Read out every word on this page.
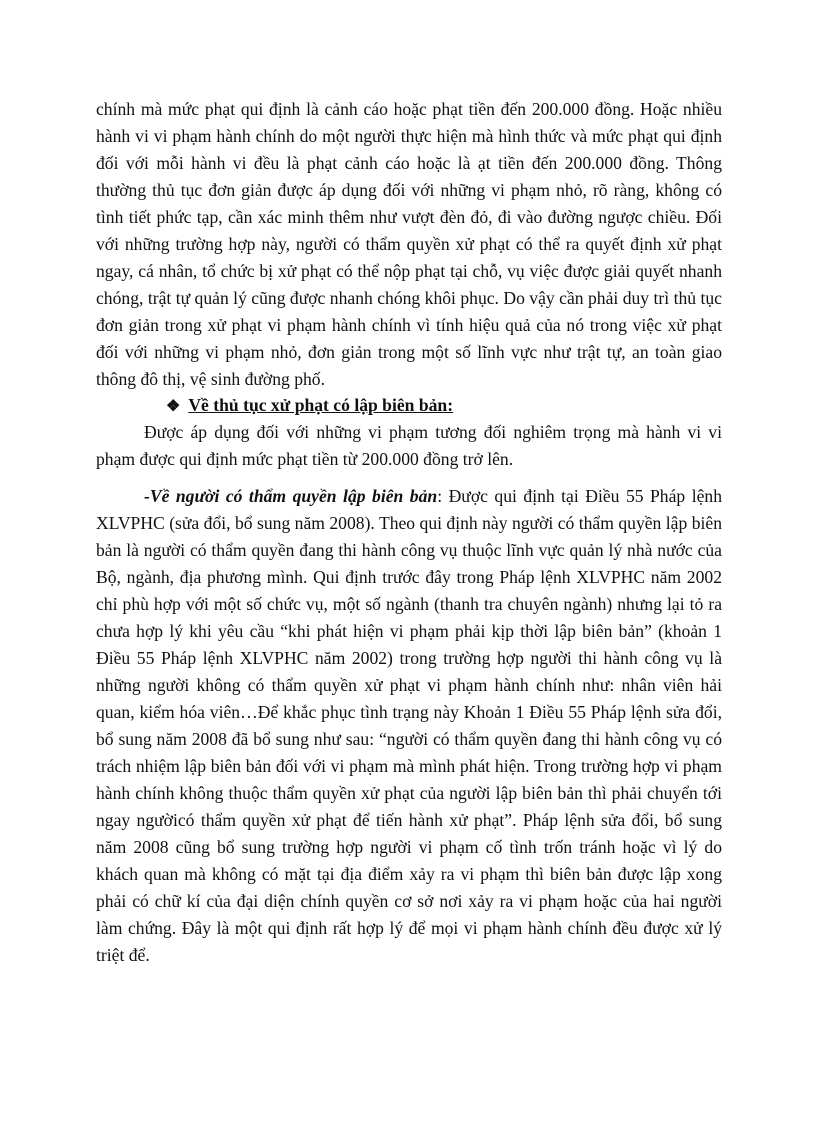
chính mà mức phạt qui định là cảnh cáo hoặc phạt tiền đến 200.000 đồng. Hoặc nhiều hành vi vi phạm hành chính do một người thực hiện mà hình thức và mức phạt qui định đối với mỗi hành vi đều là phạt cảnh cáo hoặc là ạt tiền đến 200.000 đồng. Thông thường thủ tục đơn giản được áp dụng đối với những vi phạm nhỏ, rõ ràng, không có tình tiết phức tạp, cần xác minh thêm như vượt đèn đỏ, đi vào đường ngược chiều. Đối với những trường hợp này, người có thẩm quyền xử phạt có thể ra quyết định xử phạt ngay, cá nhân, tổ chức bị xử phạt có thể nộp phạt tại chỗ, vụ việc được giải quyết nhanh chóng, trật tự quản lý cũng được nhanh chóng khôi phục. Do vậy cần phải duy trì thủ tục đơn giản trong xử phạt vi phạm hành chính vì tính hiệu quả của nó trong việc xử phạt đối với những vi phạm nhỏ, đơn giản trong một số lĩnh vực như trật tự, an toàn giao thông đô thị, vệ sinh đường phố.

❖ Về thủ tục xử phạt có lập biên bản:

Được áp dụng đối với những vi phạm tương đối nghiêm trọng mà hành vi vi phạm được qui định mức phạt tiền từ 200.000 đồng trở lên.

-Về người có thẩm quyền lập biên bản: Được qui định tại Điều 55 Pháp lệnh XLVPHC (sửa đổi, bổ sung năm 2008). Theo qui định này người có thẩm quyền lập biên bản là người có thẩm quyền đang thi hành công vụ thuộc lĩnh vực quản lý nhà nước của Bộ, ngành, địa phương mình. Qui định trước đây trong Pháp lệnh XLVPHC năm 2002 chỉ phù hợp với một số chức vụ, một số ngành (thanh tra chuyên ngành) nhưng lại tỏ ra chưa hợp lý khi yêu cầu “khi phát hiện vi phạm phải kịp thời lập biên bản” (khoản 1 Điều 55 Pháp lệnh XLVPHC năm 2002) trong trường hợp người thi hành công vụ là những người không có thẩm quyền xử phạt vi phạm hành chính như: nhân viên hải quan, kiểm hóa viên…Để khắc phục tình trạng này Khoản 1 Điều 55 Pháp lệnh sửa đổi, bổ sung năm 2008 đã bổ sung như sau: “người có thẩm quyền đang thi hành công vụ có trách nhiệm lập biên bản đối với vi phạm mà mình phát hiện. Trong trường hợp vi phạm hành chính không thuộc thẩm quyền xử phạt của người lập biên bản thì phải chuyển tới ngay ngườicó thẩm quyền xử phạt để tiến hành xử phạt”. Pháp lệnh sửa đổi, bổ sung năm 2008 cũng bổ sung trường hợp người vi phạm cố tình trốn tránh hoặc vì lý do khách quan mà không có mặt tại địa điểm xảy ra vi phạm thì biên bản được lập xong phải có chữ kí của đại diện chính quyền cơ sở nơi xảy ra vi phạm hoặc của hai người làm chứng. Đây là một qui định rất hợp lý để mọi vi phạm hành chính đều được xử lý triệt để.
